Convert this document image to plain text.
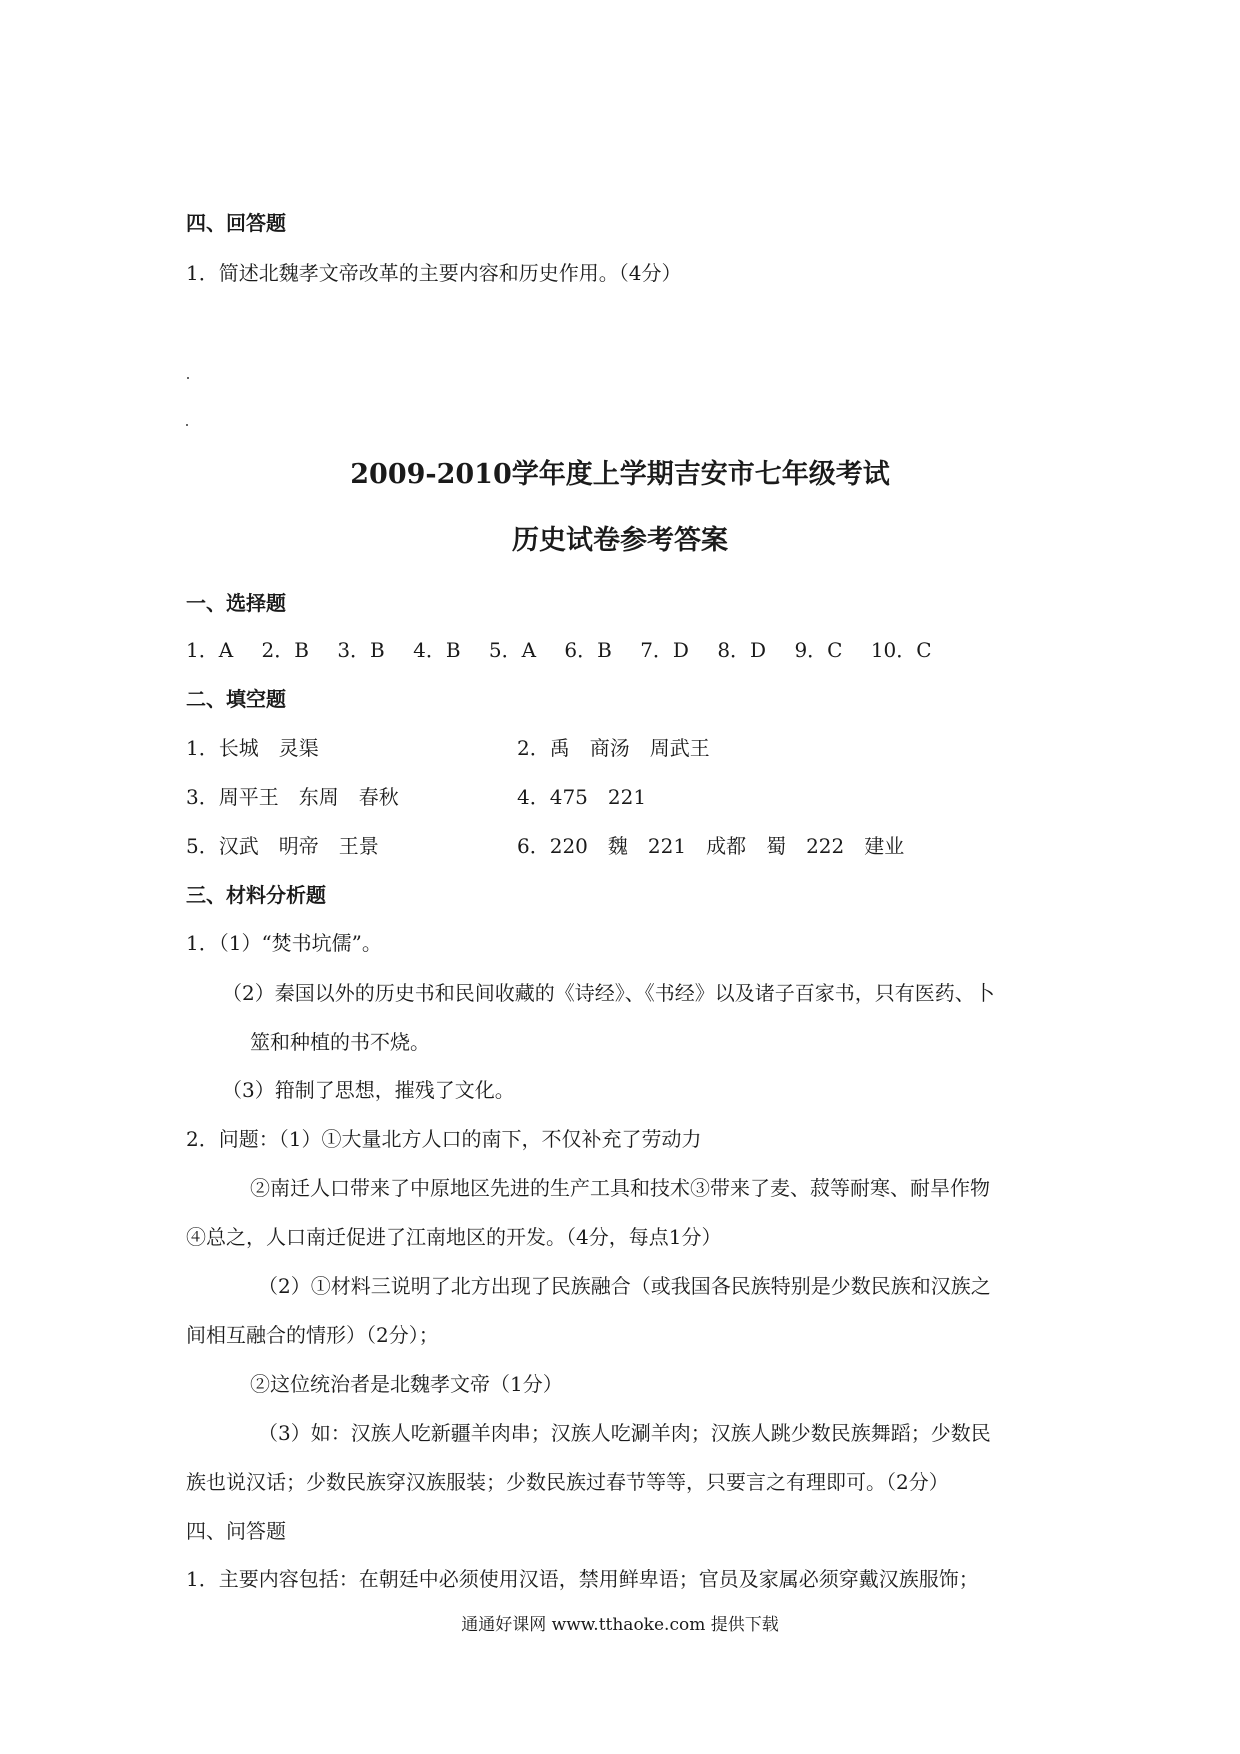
四、回答题
1．简述北魏孝文帝改革的主要内容和历史作用。（4分）
2009-2010学年度上学期吉安市七年级考试
历史试卷参考答案
一、选择题
1．A 2．B 3．B 4．B 5．A 6．B 7．D 8．D 9．C 10．C
二、填空题
1．长城　灵渠	2．禹　商汤　周武王
3．周平王　东周　春秋	4．475　221
5．汉武　明帝　王景	6．220　魏　221　成都　蜀　222　建业
三、材料分析题
1．（1）“焚书坑儒”。
（2）秦国以外的历史书和民间收藏的《诗经》、《书经》以及诸子百家书，只有医药、卜
筮和种植的书不烧。
（3）箝制了思想，摧残了文化。
2．问题：（1）①大量北方人口的南下，不仅补充了劳动力
②南迁人口带来了中原地区先进的生产工具和技术③带来了麦、菽等耐寒、耐旱作物
④总之，人口南迁促进了江南地区的开发。（4分，每点1分）
（2）①材料三说明了北方出现了民族融合（或我国各民族特别是少数民族和汉族之
间相互融合的情形）（2分）；
②这位统治者是北魏孝文帝（1分）
（3）如：汉族人吃新疆羊肉串；汉族人吃涮羊肉；汉族人跳少数民族舞蹈；少数民
族也说汉话；少数民族穿汉族服装；少数民族过春节等等，只要言之有理即可。（2分）
四、问答题
1．主要内容包括：在朝廷中必须使用汉语，禁用鲜卑语；官员及家属必须穿戴汉族服饰；
通通好课网 www.tthaoke.com 提供下载
